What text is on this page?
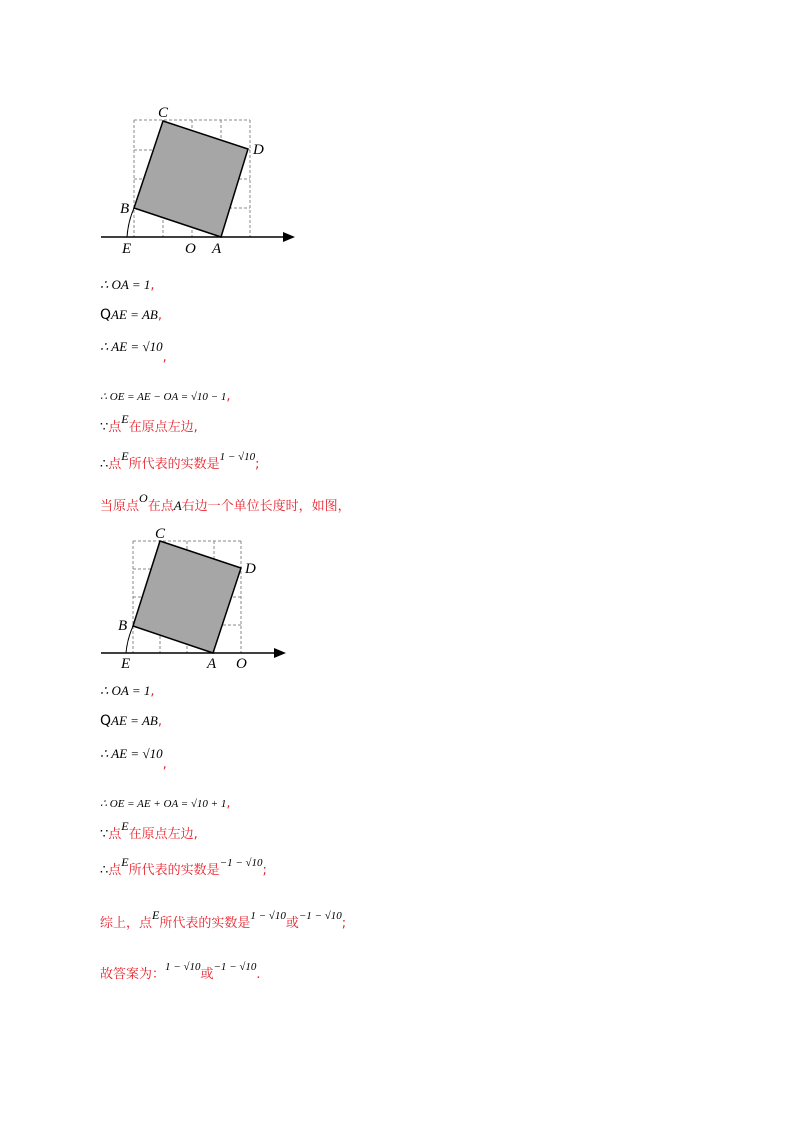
C
D
B
E	O A
C
D
B
E	A O
∴ OA = 1,
QAE = AB,
∴ AE = √10,
∴ OE = AE − OA = √10 − 1,
∵点E在原点左边,
∴点E所代表的实数是$^{1 - √10}$;
当原点O在点A右边一个单位长度时，如图，
∴ OA = 1,
QAE = AB,
∴ AE = √10,
∴ OE = AE + OA = √10 + 1,
∵点E在原点左边,
∴点E所代表的实数是$^{-1 - √10}$;
综上，点E所代表的实数是$^{1 - √10}$或$^{-1 - √10}$;
故答案为：$^{1 - √10}$或$^{-1 - √10}$.
